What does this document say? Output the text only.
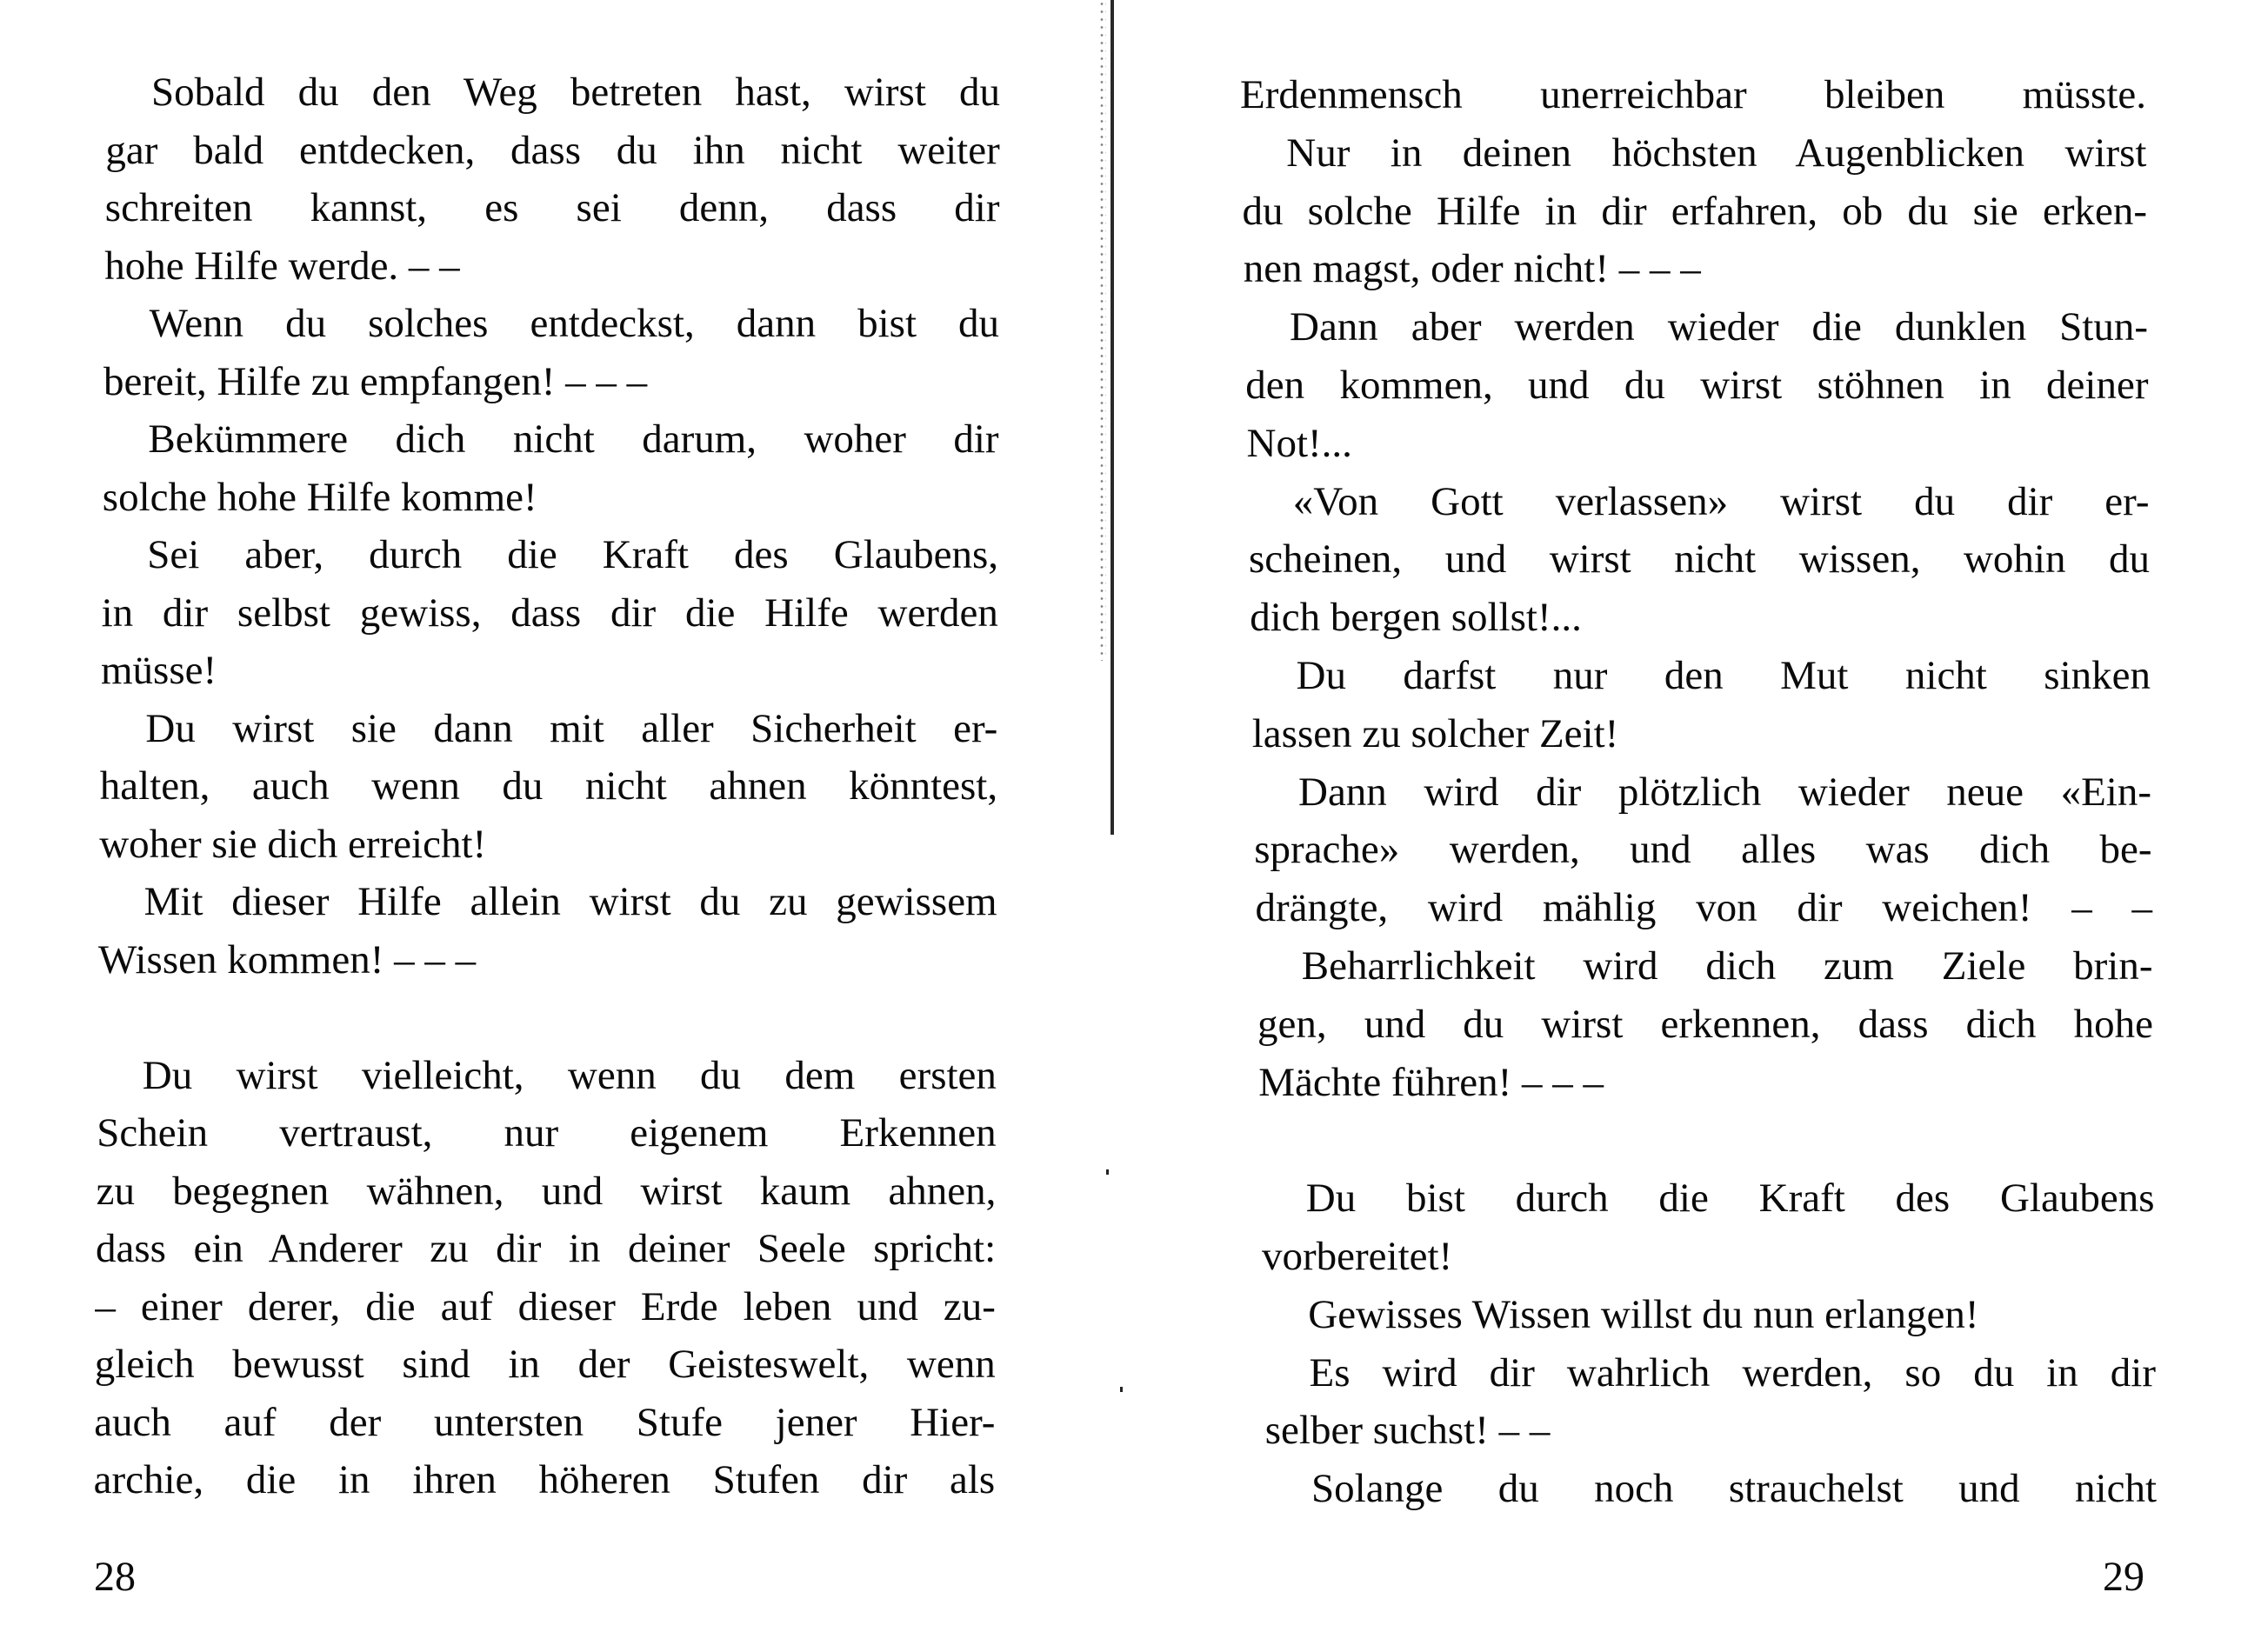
Sobald du den Weg betreten hast, wirst du
gar bald entdecken, dass du ihn nicht weiter
schreiten kannst, es sei denn, dass dir
hohe Hilfe werde. – –
Wenn du solches entdeckst, dann bist du
bereit, Hilfe zu empfangen! – – –
Bekümmere dich nicht darum, woher dir
solche hohe Hilfe komme!
Sei aber, durch die Kraft des Glaubens,
in dir selbst gewiss, dass dir die Hilfe werden
müsse!
Du wirst sie dann mit aller Sicherheit er-
halten, auch wenn du nicht ahnen könntest,
woher sie dich erreicht!
Mit dieser Hilfe allein wirst du zu gewissem
Wissen kommen! – – –
Du wirst vielleicht, wenn du dem ersten
Schein vertraust, nur eigenem Erkennen
zu begegnen wähnen, und wirst kaum ahnen,
dass ein Anderer zu dir in deiner Seele spricht:
– einer derer, die auf dieser Erde leben und zu-
gleich bewusst sind in der Geisteswelt, wenn
auch auf der untersten Stufe jener Hier-
archie, die in ihren höheren Stufen dir als
Erdenmensch unerreichbar bleiben müsste.
Nur in deinen höchsten Augenblicken wirst
du solche Hilfe in dir erfahren, ob du sie erken-
nen magst, oder nicht! – – –
Dann aber werden wieder die dunklen Stun-
den kommen, und du wirst stöhnen in deiner
Not!...
«Von Gott verlassen» wirst du dir er-
scheinen, und wirst nicht wissen, wohin du
dich bergen sollst!...
Du darfst nur den Mut nicht sinken
lassen zu solcher Zeit!
Dann wird dir plötzlich wieder neue «Ein-
sprache» werden, und alles was dich be-
drängte, wird mählig von dir weichen! – –
Beharrlichkeit wird dich zum Ziele brin-
gen, und du wirst erkennen, dass dich hohe
Mächte führen! – – –
Du bist durch die Kraft des Glaubens
vorbereitet!
Gewisses Wissen willst du nun erlangen!
Es wird dir wahrlich werden, so du in dir
selber suchst! – –
Solange du noch strauchelst und nicht
28	29
